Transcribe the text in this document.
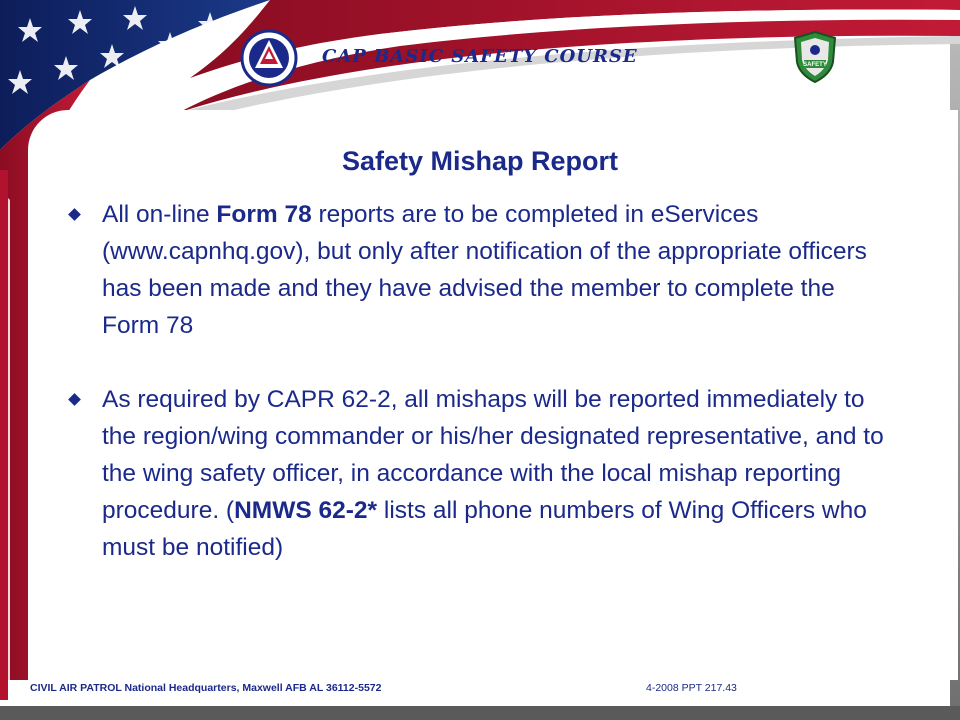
SAFETY
CAP BASIC SAFETY COURSE
Safety Mishap Report
All on-line Form 78 reports are to be completed in eServices (www.capnhq.gov), but only after notification of the appropriate officers has been made and they have advised the member to complete the Form 78
As required by CAPR 62-2, all mishaps will be reported immediately to the region/wing commander or his/her designated representative, and to the wing safety officer, in accordance with the local mishap reporting procedure. (NMWS 62-2* lists all phone numbers of Wing Officers who must be notified)
CIVIL AIR PATROL National Headquarters, Maxwell AFB AL 36112-5572	4-2008 PPT 217.43
